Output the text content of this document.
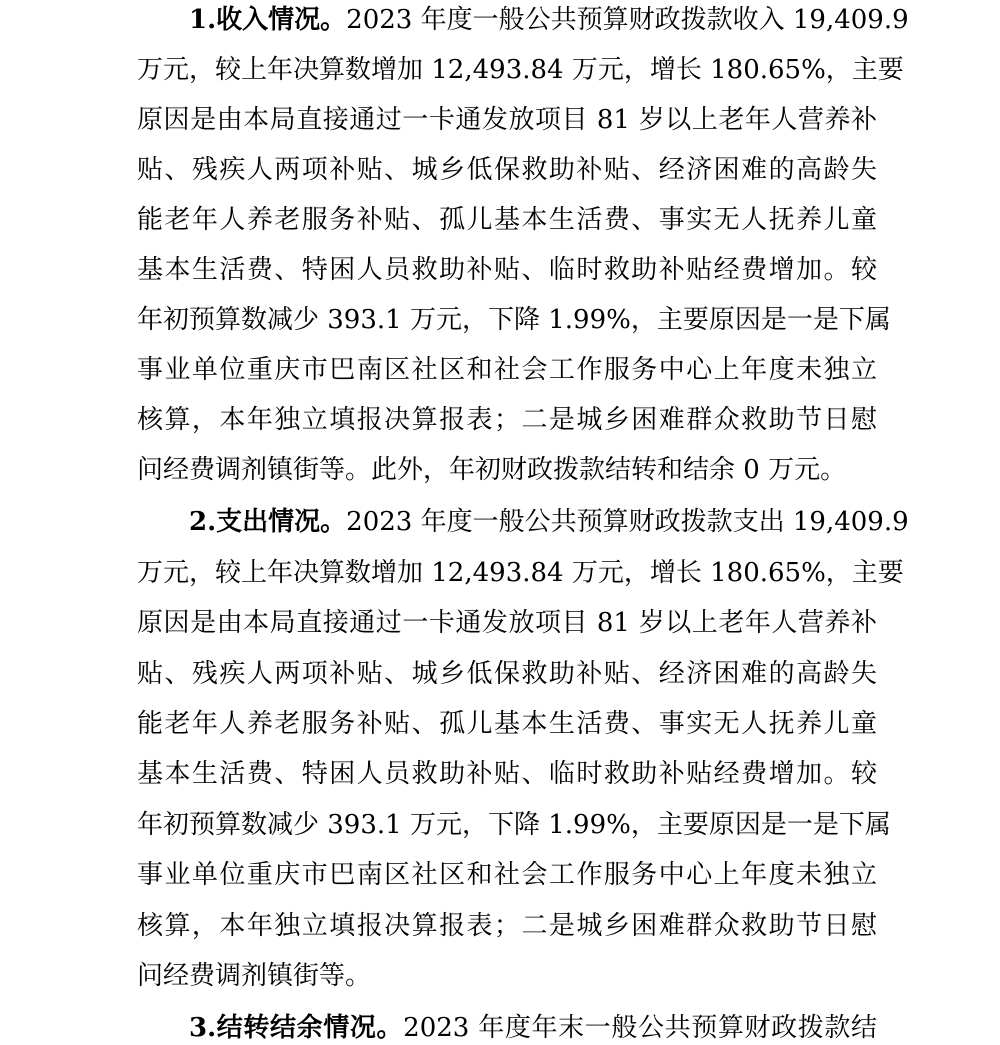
1.收入情况。2023 年度一般公共预算财政拨款收入 19,409.9
万元，较上年决算数增加 12,493.84 万元，增长 180.65%，主要
原因是由本局直接通过一卡通发放项目 81 岁以上老年人营养补
贴、残疾人两项补贴、城乡低保救助补贴、经济困难的高龄失
能老年人养老服务补贴、孤儿基本生活费、事实无人抚养儿童
基本生活费、特困人员救助补贴、临时救助补贴经费增加。较
年初预算数减少 393.1 万元，下降 1.99%，主要原因是一是下属
事业单位重庆市巴南区社区和社会工作服务中心上年度未独立
核算，本年独立填报决算报表；二是城乡困难群众救助节日慰
问经费调剂镇街等。此外，年初财政拨款结转和结余 0 万元。
2.支出情况。2023 年度一般公共预算财政拨款支出 19,409.9
万元，较上年决算数增加 12,493.84 万元，增长 180.65%，主要
原因是由本局直接通过一卡通发放项目 81 岁以上老年人营养补
贴、残疾人两项补贴、城乡低保救助补贴、经济困难的高龄失
能老年人养老服务补贴、孤儿基本生活费、事实无人抚养儿童
基本生活费、特困人员救助补贴、临时救助补贴经费增加。较
年初预算数减少 393.1 万元，下降 1.99%，主要原因是一是下属
事业单位重庆市巴南区社区和社会工作服务中心上年度未独立
核算，本年独立填报决算报表；二是城乡困难群众救助节日慰
问经费调剂镇街等。
3.结转结余情况。2023 年度年末一般公共预算财政拨款结
